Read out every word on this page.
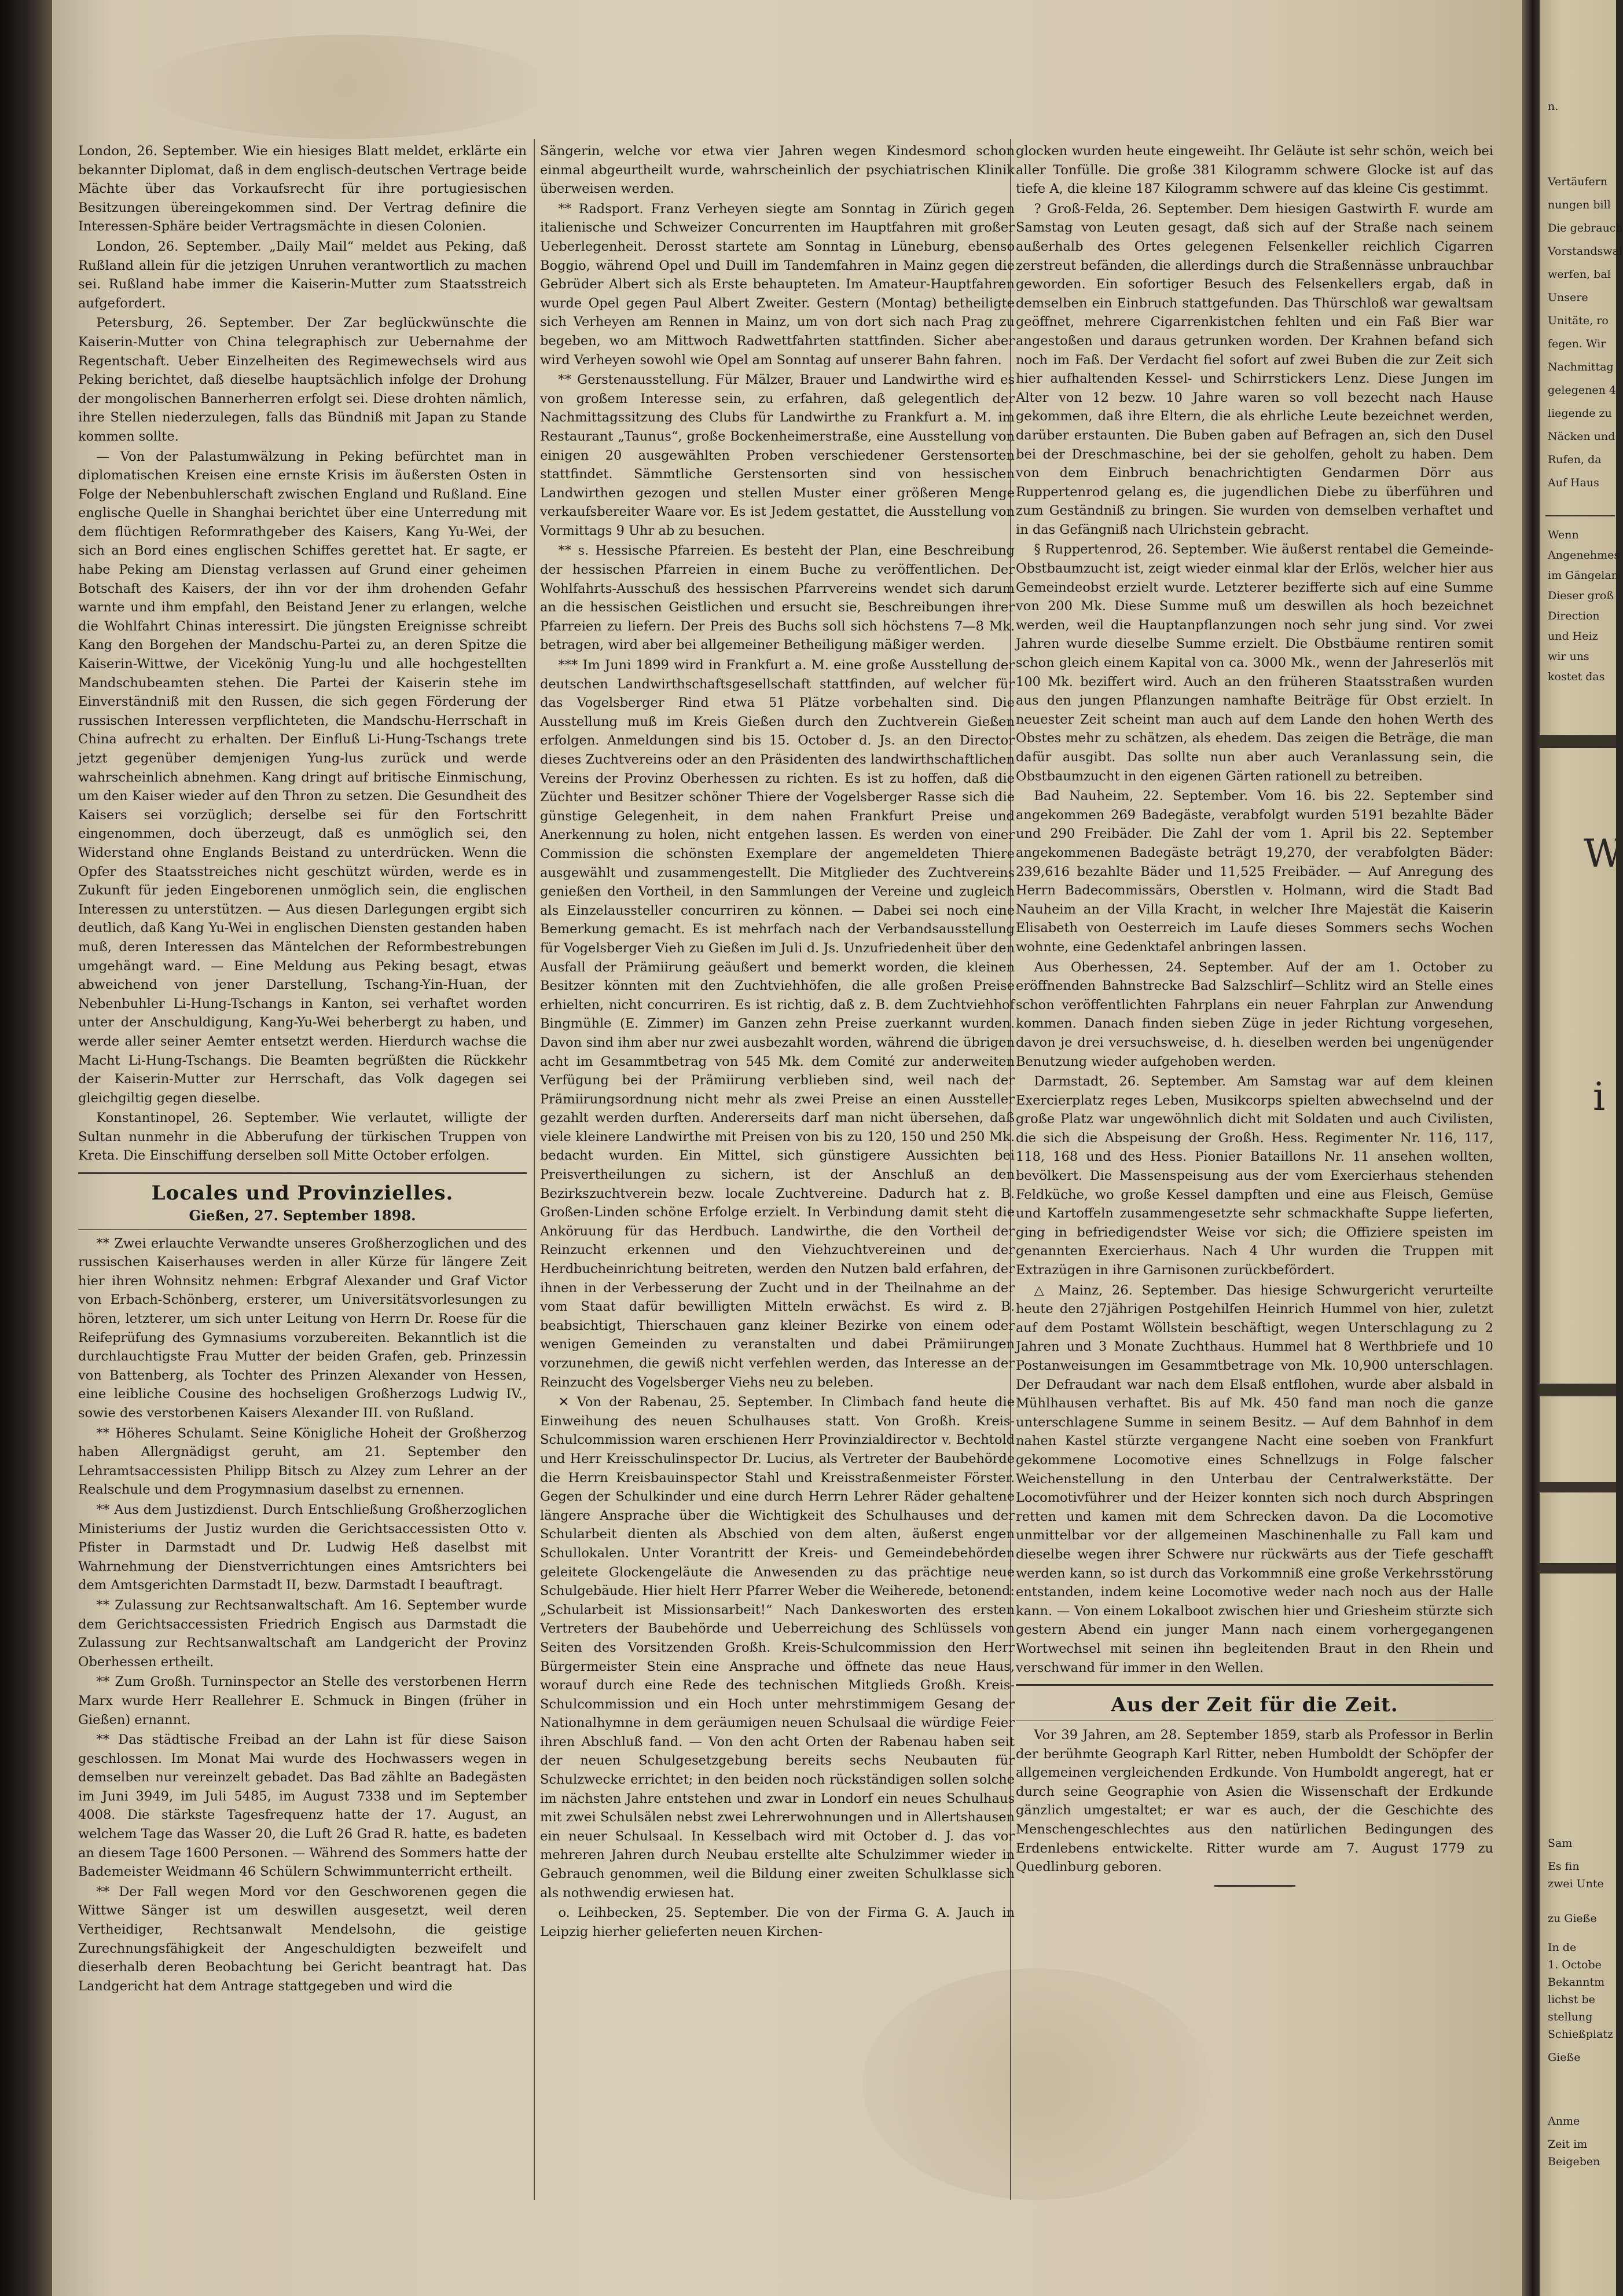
London, 26. September. Wie ein hiesiges Blatt meldet, erklärte ein bekannter Diplomat, daß in dem englisch-deutschen Vertrage beide Mächte über das Vorkaufsrecht für ihre portugiesischen Besitzungen übereingekommen sind. Der Vertrag definire die Interessen-Sphäre beider Vertragsmächte in diesen Colonien.

London, 26. September. „Daily Mail“ meldet aus Peking, daß Rußland allein für die jetzigen Unruhen verantwortlich zu machen sei. Rußland habe immer die Kaiserin-Mutter zum Staatsstreich aufgefordert.

Petersburg, 26. September. Der Zar beglückwünschte die Kaiserin-Mutter von China telegraphisch zur Uebernahme der Regentschaft. Ueber Einzelheiten des Regimewechsels wird aus Peking berichtet, daß dieselbe hauptsächlich infolge der Drohung der mongolischen Bannerherren erfolgt sei. Diese drohten nämlich, ihre Stellen niederzulegen, falls das Bündniß mit Japan zu Stande kommen sollte.

— Von der Palastumwälzung in Peking befürchtet man in diplomatischen Kreisen eine ernste Krisis im äußersten Osten in Folge der Nebenbuhlerschaft zwischen England und Rußland. Eine englische Quelle in Shanghai berichtet über eine Unterredung mit dem flüchtigen Reformrathgeber des Kaisers, Kang Yu-Wei, der sich an Bord eines englischen Schiffes gerettet hat. Er sagte, er habe Peking am Dienstag verlassen auf Grund einer geheimen Botschaft des Kaisers, der ihn vor der ihm drohenden Gefahr warnte und ihm empfahl, den Beistand Jener zu erlangen, welche die Wohlfahrt Chinas interessirt. Die jüngsten Ereignisse schreibt Kang den Borgehen der Mandschu-Partei zu, an deren Spitze die Kaiserin-Wittwe, der Vicekönig Yung-lu und alle hochgestellten Mandschubeamten stehen. Die Partei der Kaiserin stehe im Einverständniß mit den Russen, die sich gegen Förderung der russischen Interessen verpflichteten, die Mandschu-Herrschaft in China aufrecht zu erhalten. Der Einfluß Li-Hung-Tschangs trete jetzt gegenüber demjenigen Yung-lus zurück und werde wahrscheinlich abnehmen. Kang dringt auf britische Einmischung, um den Kaiser wieder auf den Thron zu setzen. Die Gesundheit des Kaisers sei vorzüglich; derselbe sei für den Fortschritt eingenommen, doch überzeugt, daß es unmöglich sei, den Widerstand ohne Englands Beistand zu unterdrücken. Wenn die Opfer des Staatsstreiches nicht geschützt würden, werde es in Zukunft für jeden Eingeborenen unmöglich sein, die englischen Interessen zu unterstützen. — Aus diesen Darlegungen ergibt sich deutlich, daß Kang Yu-Wei in englischen Diensten gestanden haben muß, deren Interessen das Mäntelchen der Reformbestrebungen umgehängt ward. — Eine Meldung aus Peking besagt, etwas abweichend von jener Darstellung, Tschang-Yin-Huan, der Nebenbuhler Li-Hung-Tschangs in Kanton, sei verhaftet worden unter der Anschuldigung, Kang-Yu-Wei beherbergt zu haben, und werde aller seiner Aemter entsetzt werden. Hierdurch wachse die Macht Li-Hung-Tschangs. Die Beamten begrüßten die Rückkehr der Kaiserin-Mutter zur Herrschaft, das Volk dagegen sei gleichgiltig gegen dieselbe.

Konstantinopel, 26. September. Wie verlautet, willigte der Sultan nunmehr in die Abberufung der türkischen Truppen von Kreta. Die Einschiffung derselben soll Mitte October erfolgen.

Locales und Provinzielles.
Gießen, 27. September 1898.

** Zwei erlauchte Verwandte unseres Großherzoglichen und des russischen Kaiserhauses werden in aller Kürze für längere Zeit hier ihren Wohnsitz nehmen: Erbgraf Alexander und Graf Victor von Erbach-Schönberg, ersterer, um Universitätsvorlesungen zu hören, letzterer, um sich unter Leitung von Herrn Dr. Roese für die Reifeprüfung des Gymnasiums vorzubereiten. Bekanntlich ist die durchlauchtigste Frau Mutter der beiden Grafen, geb. Prinzessin von Battenberg, als Tochter des Prinzen Alexander von Hessen, eine leibliche Cousine des hochseligen Großherzogs Ludwig IV., sowie des verstorbenen Kaisers Alexander III. von Rußland.

** Höheres Schulamt. Seine Königliche Hoheit der Großherzog haben Allergnädigst geruht, am 21. September den Lehramtsaccessisten Philipp Bitsch zu Alzey zum Lehrer an der Realschule und dem Progymnasium daselbst zu ernennen.

** Aus dem Justizdienst. Durch Entschließung Großherzoglichen Ministeriums der Justiz wurden die Gerichtsaccessisten Otto v. Pfister in Darmstadt und Dr. Ludwig Heß daselbst mit Wahrnehmung der Dienstverrichtungen eines Amtsrichters bei dem Amtsgerichten Darmstadt II, bezw. Darmstadt I beauftragt.

** Zulassung zur Rechtsanwaltschaft. Am 16. September wurde dem Gerichtsaccessisten Friedrich Engisch aus Darmstadt die Zulassung zur Rechtsanwaltschaft am Landgericht der Provinz Oberhessen ertheilt.

** Zum Großh. Turninspector an Stelle des verstorbenen Herrn Marx wurde Herr Reallehrer E. Schmuck in Bingen (früher in Gießen) ernannt.

** Das städtische Freibad an der Lahn ist für diese Saison geschlossen. Im Monat Mai wurde des Hochwassers wegen in demselben nur vereinzelt gebadet. Das Bad zählte an Badegästen im Juni 3949, im Juli 5485, im August 7338 und im September 4008. Die stärkste Tagesfrequenz hatte der 17. August, an welchem Tage das Wasser 20, die Luft 26 Grad R. hatte, es badeten an diesem Tage 1600 Personen. — Während des Sommers hatte der Bademeister Weidmann 46 Schülern Schwimmunterricht ertheilt.

** Der Fall wegen Mord vor den Geschworenen gegen die Wittwe Sänger ist um deswillen ausgesetzt, weil deren Vertheidiger, Rechtsanwalt Mendelsohn, die geistige Zurechnungsfähigkeit der Angeschuldigten bezweifelt und dieserhalb deren Beobachtung bei Gericht beantragt hat. Das Landgericht hat dem Antrage stattgegeben und wird die

Sängerin, welche vor etwa vier Jahren wegen Kindesmord schon einmal abgeurtheilt wurde, wahrscheinlich der psychiatrischen Klinik überweisen werden.

** Radsport. Franz Verheyen siegte am Sonntag in Zürich gegen italienische und Schweizer Concurrenten im Hauptfahren mit großer Ueberlegenheit. Derosst startete am Sonntag in Lüneburg, ebenso Boggio, während Opel und Duill im Tandemfahren in Mainz gegen die Gebrüder Albert sich als Erste behaupteten. Im Amateur-Hauptfahren wurde Opel gegen Paul Albert Zweiter. Gestern (Montag) betheiligte sich Verheyen am Rennen in Mainz, um von dort sich nach Prag zu begeben, wo am Mittwoch Radwettfahrten stattfinden. Sicher aber wird Verheyen sowohl wie Opel am Sonntag auf unserer Bahn fahren.

** Gerstenausstellung. Für Mälzer, Brauer und Landwirthe wird es von großem Interesse sein, zu erfahren, daß gelegentlich der Nachmittagssitzung des Clubs für Landwirthe zu Frankfurt a. M. im Restaurant „Taunus“, große Bockenheimerstraße, eine Ausstellung von einigen 20 ausgewählten Proben verschiedener Gerstensorten stattfindet. Sämmtliche Gerstensorten sind von hessischen Landwirthen gezogen und stellen Muster einer größeren Menge verkaufsbereiter Waare vor. Es ist Jedem gestattet, die Ausstellung von Vormittags 9 Uhr ab zu besuchen.

** s. Hessische Pfarreien. Es besteht der Plan, eine Beschreibung der hessischen Pfarreien in einem Buche zu veröffentlichen. Der Wohlfahrts-Ausschuß des hessischen Pfarrvereins wendet sich darum an die hessischen Geistlichen und ersucht sie, Beschreibungen ihrer Pfarreien zu liefern. Der Preis des Buchs soll sich höchstens 7—8 Mk. betragen, wird aber bei allgemeiner Betheiligung mäßiger werden.

*** Im Juni 1899 wird in Frankfurt a. M. eine große Ausstellung der deutschen Landwirthschaftsgesellschaft stattfinden, auf welcher für das Vogelsberger Rind etwa 51 Plätze vorbehalten sind. Die Ausstellung muß im Kreis Gießen durch den Zuchtverein Gießen erfolgen. Anmeldungen sind bis 15. October d. Js. an den Director dieses Zuchtvereins oder an den Präsidenten des landwirthschaftlichen Vereins der Provinz Oberhessen zu richten. Es ist zu hoffen, daß die Züchter und Besitzer schöner Thiere der Vogelsberger Rasse sich die günstige Gelegenheit, in dem nahen Frankfurt Preise und Anerkennung zu holen, nicht entgehen lassen. Es werden von einer Commission die schönsten Exemplare der angemeldeten Thiere ausgewählt und zusammengestellt. Die Mitglieder des Zuchtvereins genießen den Vortheil, in den Sammlungen der Vereine und zugleich als Einzelaussteller concurriren zu können. — Dabei sei noch eine Bemerkung gemacht. Es ist mehrfach nach der Verbandsausstellung für Vogelsberger Vieh zu Gießen im Juli d. Js. Unzufriedenheit über den Ausfall der Prämiirung geäußert und bemerkt worden, die kleinen Besitzer könnten mit den Zuchtviehhöfen, die alle großen Preise erhielten, nicht concurriren. Es ist richtig, daß z. B. dem Zuchtviehhof Bingmühle (E. Zimmer) im Ganzen zehn Preise zuerkannt wurden. Davon sind ihm aber nur zwei ausbezahlt worden, während die übrigen acht im Gesammtbetrag von 545 Mk. dem Comité zur anderweiten Verfügung bei der Prämiirung verblieben sind, weil nach der Prämiirungsordnung nicht mehr als zwei Preise an einen Aussteller gezahlt werden durften. Andererseits darf man nicht übersehen, daß viele kleinere Landwirthe mit Preisen von bis zu 120, 150 und 250 Mk. bedacht wurden. Ein Mittel, sich günstigere Aussichten bei Preisvertheilungen zu sichern, ist der Anschluß an den Bezirkszuchtverein bezw. locale Zuchtvereine. Dadurch hat z. B. Großen-Linden schöne Erfolge erzielt. In Verbindung damit steht die Anköruung für das Herdbuch. Landwirthe, die den Vortheil der Reinzucht erkennen und den Viehzuchtvereinen und der Herdbucheinrichtung beitreten, werden den Nutzen bald erfahren, der ihnen in der Verbesserung der Zucht und in der Theilnahme an der vom Staat dafür bewilligten Mitteln erwächst. Es wird z. B. beabsichtigt, Thierschauen ganz kleiner Bezirke von einem oder wenigen Gemeinden zu veranstalten und dabei Prämiirungen vorzunehmen, die gewiß nicht verfehlen werden, das Interesse an der Reinzucht des Vogelsberger Viehs neu zu beleben.

✕ Von der Rabenau, 25. September. In Climbach fand heute die Einweihung des neuen Schulhauses statt. Von Großh. Kreis-Schulcommission waren erschienen Herr Provinzialdirector v. Bechtold und Herr Kreisschulinspector Dr. Lucius, als Vertreter der Baubehörde die Herrn Kreisbauinspector Stahl und Kreisstraßenmeister Förster. Gegen der Schulkinder und eine durch Herrn Lehrer Räder gehaltene längere Ansprache über die Wichtigkeit des Schulhauses und der Schularbeit dienten als Abschied von dem alten, äußerst engen Schullokalen. Unter Vorantritt der Kreis- und Gemeindebehörden geleitete Glockengeläute die Anwesenden zu das prächtige neue Schulgebäude. Hier hielt Herr Pfarrer Weber die Weiherede, betonend: „Schularbeit ist Missionsarbeit!“ Nach Dankesworten des ersten Vertreters der Baubehörde und Ueberreichung des Schlüssels von Seiten des Vorsitzenden Großh. Kreis-Schulcommission den Herr Bürgermeister Stein eine Ansprache und öffnete das neue Haus, worauf durch eine Rede des technischen Mitglieds Großh. Kreis-Schulcommission und ein Hoch unter mehrstimmigem Gesang der Nationalhymne in dem geräumigen neuen Schulsaal die würdige Feier ihren Abschluß fand. — Von den acht Orten der Rabenau haben seit der neuen Schulgesetzgebung bereits sechs Neubauten für Schulzwecke errichtet; in den beiden noch rückständigen sollen solche im nächsten Jahre entstehen und zwar in Londorf ein neues Schulhaus mit zwei Schulsälen nebst zwei Lehrerwohnungen und in Allertshausen ein neuer Schulsaal. In Kesselbach wird mit October d. J. das vor mehreren Jahren durch Neubau erstellte alte Schulzimmer wieder in Gebrauch genommen, weil die Bildung einer zweiten Schulklasse sich als nothwendig erwiesen hat.

o. Leihbecken, 25. September. Die von der Firma G. A. Jauch in Leipzig hierher gelieferten neuen Kirchen-

glocken wurden heute eingeweiht. Ihr Geläute ist sehr schön, weich bei aller Tonfülle. Die große 381 Kilogramm schwere Glocke ist auf das tiefe A, die kleine 187 Kilogramm schwere auf das kleine Cis gestimmt.

? Groß-Felda, 26. September. Dem hiesigen Gastwirth F. wurde am Samstag von Leuten gesagt, daß sich auf der Straße nach seinem außerhalb des Ortes gelegenen Felsenkeller reichlich Cigarren zerstreut befänden, die allerdings durch die Straßennässe unbrauchbar geworden. Ein sofortiger Besuch des Felsenkellers ergab, daß in demselben ein Einbruch stattgefunden. Das Thürschloß war gewaltsam geöffnet, mehrere Cigarrenkistchen fehlten und ein Faß Bier war angestoßen und daraus getrunken worden. Der Krahnen befand sich noch im Faß. Der Verdacht fiel sofort auf zwei Buben die zur Zeit sich hier aufhaltenden Kessel- und Schirrstickers Lenz. Diese Jungen im Alter von 12 bezw. 10 Jahre waren so voll bezecht nach Hause gekommen, daß ihre Eltern, die als ehrliche Leute bezeichnet werden, darüber erstaunten. Die Buben gaben auf Befragen an, sich den Dusel bei der Dreschmaschine, bei der sie geholfen, geholt zu haben. Dem von dem Einbruch benachrichtigten Gendarmen Dörr aus Ruppertenrod gelang es, die jugendlichen Diebe zu überführen und zum Geständniß zu bringen. Sie wurden von demselben verhaftet und in das Gefängniß nach Ulrichstein gebracht.

§ Ruppertenrod, 26. September. Wie äußerst rentabel die Gemeinde-Obstbaumzucht ist, zeigt wieder einmal klar der Erlös, welcher hier aus Gemeindeobst erzielt wurde. Letzterer bezifferte sich auf eine Summe von 200 Mk. Diese Summe muß um deswillen als hoch bezeichnet werden, weil die Hauptanpflanzungen noch sehr jung sind. Vor zwei Jahren wurde dieselbe Summe erzielt. Die Obstbäume rentiren somit schon gleich einem Kapital von ca. 3000 Mk., wenn der Jahreserlös mit 100 Mk. beziffert wird. Auch an den früheren Staatsstraßen wurden aus den jungen Pflanzungen namhafte Beiträge für Obst erzielt. In neuester Zeit scheint man auch auf dem Lande den hohen Werth des Obstes mehr zu schätzen, als ehedem. Das zeigen die Beträge, die man dafür ausgibt. Das sollte nun aber auch Veranlassung sein, die Obstbaumzucht in den eigenen Gärten rationell zu betreiben.

Bad Nauheim, 22. September. Vom 16. bis 22. September sind angekommen 269 Badegäste, verabfolgt wurden 5191 bezahlte Bäder und 290 Freibäder. Die Zahl der vom 1. April bis 22. September angekommenen Badegäste beträgt 19,270, der verabfolgten Bäder: 239,616 bezahlte Bäder und 11,525 Freibäder. — Auf Anregung des Herrn Badecommissärs, Oberstlen v. Holmann, wird die Stadt Bad Nauheim an der Villa Kracht, in welcher Ihre Majestät die Kaiserin Elisabeth von Oesterreich im Laufe dieses Sommers sechs Wochen wohnte, eine Gedenktafel anbringen lassen.

Aus Oberhessen, 24. September. Auf der am 1. October zu eröffnenden Bahnstrecke Bad Salzschlirf—Schlitz wird an Stelle eines schon veröffentlichten Fahrplans ein neuer Fahrplan zur Anwendung kommen. Danach finden sieben Züge in jeder Richtung vorgesehen, davon je drei versuchsweise, d. h. dieselben werden bei ungenügender Benutzung wieder aufgehoben werden.

Darmstadt, 26. September. Am Samstag war auf dem kleinen Exercierplatz reges Leben, Musikcorps spielten abwechselnd und der große Platz war ungewöhnlich dicht mit Soldaten und auch Civilisten, die sich die Abspeisung der Großh. Hess. Regimenter Nr. 116, 117, 118, 168 und des Hess. Pionier Bataillons Nr. 11 ansehen wollten, bevölkert. Die Massenspeisung aus der vom Exercierhaus stehenden Feldküche, wo große Kessel dampften und eine aus Fleisch, Gemüse und Kartoffeln zusammengesetzte sehr schmackhafte Suppe lieferten, ging in befriedigendster Weise vor sich; die Offiziere speisten im genannten Exercierhaus. Nach 4 Uhr wurden die Truppen mit Extrazügen in ihre Garnisonen zurückbefördert.

△ Mainz, 26. September. Das hiesige Schwurgericht verurteilte heute den 27jährigen Postgehilfen Heinrich Hummel von hier, zuletzt auf dem Postamt Wöllstein beschäftigt, wegen Unterschlagung zu 2 Jahren und 3 Monate Zuchthaus. Hummel hat 8 Werthbriefe und 10 Postanweisungen im Gesammtbetrage von Mk. 10,900 unterschlagen. Der Defraudant war nach dem Elsaß entflohen, wurde aber alsbald in Mühlhausen verhaftet. Bis auf Mk. 450 fand man noch die ganze unterschlagene Summe in seinem Besitz. — Auf dem Bahnhof in dem nahen Kastel stürzte vergangene Nacht eine soeben von Frankfurt gekommene Locomotive eines Schnellzugs in Folge falscher Weichenstellung in den Unterbau der Centralwerkstätte. Der Locomotivführer und der Heizer konnten sich noch durch Abspringen retten und kamen mit dem Schrecken davon. Da die Locomotive unmittelbar vor der allgemeinen Maschinenhalle zu Fall kam und dieselbe wegen ihrer Schwere nur rückwärts aus der Tiefe geschafft werden kann, so ist durch das Vorkommniß eine große Verkehrsstörung entstanden, indem keine Locomotive weder nach noch aus der Halle kann. — Von einem Lokalboot zwischen hier und Griesheim stürzte sich gestern Abend ein junger Mann nach einem vorhergegangenen Wortwechsel mit seinen ihn begleitenden Braut in den Rhein und verschwand für immer in den Wellen.

Aus der Zeit für die Zeit.

Vor 39 Jahren, am 28. September 1859, starb als Professor in Berlin der berühmte Geograph Karl Ritter, neben Humboldt der Schöpfer der allgemeinen vergleichenden Erdkunde. Von Humboldt angeregt, hat er durch seine Geographie von Asien die Wissenschaft der Erdkunde gänzlich umgestaltet; er war es auch, der die Geschichte des Menschengeschlechtes aus den natürlichen Bedingungen des Erdenlebens entwickelte. Ritter wurde am 7. August 1779 zu Quedlinburg geboren.

n.
Vertäufern
nungen bill
Die gebrauch
Vorstandswal
werfen, bal
Unsere
Unitäte, ro
fegen. Wir
Nachmittag
gelegenen 4
liegende zu
Näcken und
Rufen, da
Auf Haus
Wenn
Angenehmes
im Gängelan
Dieser groß
Direction
und Heiz
wir uns
kostet das
W
i
Sam
Es fin
zwei Unte
zu Gieße
In de
1. Octobe
Bekanntm
lichst be
stellung
Schießplatz
Gieße
Anme
Zeit im
Beigeben
